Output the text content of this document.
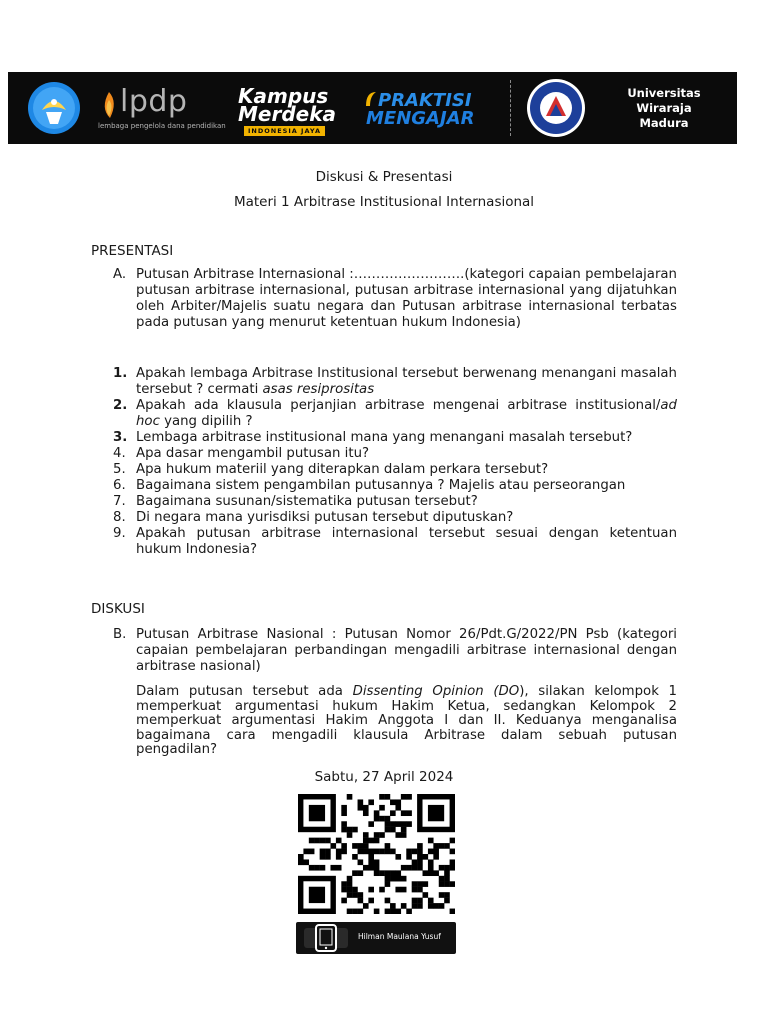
lpdp
lembaga pengelola dana pendidikan
Kampus
Merdeka
INDONESIA JAYA
PRAKTISI
MENGAJAR
Universitas
Wiraraja
Madura
Diskusi & Presentasi
Materi 1 Arbitrase Institusional Internasional
PRESENTASI
A. Putusan Arbitrase Internasional :…………………….(kategori capaian pembelajaran putusan arbitrase internasional, putusan arbitrase internasional yang dijatuhkan oleh Arbiter/Majelis suatu negara dan Putusan arbitrase internasional terbatas pada putusan yang menurut ketentuan hukum Indonesia)
1. Apakah lembaga Arbitrase Institusional tersebut berwenang menangani masalah tersebut ? cermati asas resiprositas
2. Apakah ada klausula perjanjian arbitrase mengenai arbitrase institusional/ad hoc yang dipilih ?
3. Lembaga arbitrase institusional mana yang menangani masalah tersebut?
4. Apa dasar mengambil putusan itu?
5. Apa hukum materiil yang diterapkan dalam perkara tersebut?
6. Bagaimana sistem pengambilan putusannya ? Majelis atau perseorangan
7. Bagaimana susunan/sistematika putusan tersebut?
8. Di negara mana yurisdiksi putusan tersebut diputuskan?
9. Apakah putusan arbitrase internasional tersebut sesuai dengan ketentuan hukum Indonesia?
DISKUSI
B. Putusan Arbitrase Nasional : Putusan Nomor 26/Pdt.G/2022/PN Psb (kategori capaian pembelajaran perbandingan mengadili arbitrase internasional dengan arbitrase nasional)
Dalam putusan tersebut ada Dissenting Opinion (DO), silakan kelompok 1 memperkuat argumentasi hukum Hakim Ketua, sedangkan Kelompok 2 memperkuat argumentasi Hakim Anggota I dan II. Keduanya menganalisa bagaimana cara mengadili klausula Arbitrase dalam sebuah putusan pengadilan?
Sabtu, 27 April 2024
Hilman Maulana Yusuf
